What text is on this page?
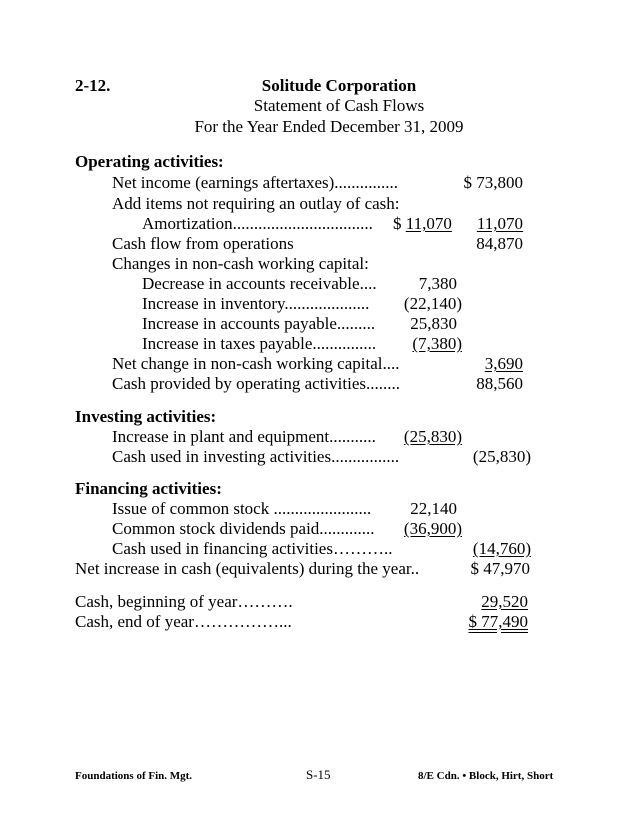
2-12.	Solitude Corporation
Statement of Cash Flows
For the Year Ended December 31, 2009
Operating activities:
Net income (earnings aftertaxes)...............	$ 73,800
Add items not requiring an outlay of cash:
Amortization................................. $ 11,070	11,070
Cash flow from operations	84,870
Changes in non-cash working capital:
Decrease in accounts receivable....	7,380
Increase in inventory....................	(22,140)
Increase in accounts payable.........	25,830
Increase in taxes payable...............	(7,380)
Net change in non-cash working capital....	3,690
Cash provided by operating activities........	88,560
Investing activities:
Increase in plant and equipment...........	(25,830)
Cash used in investing activities................	(25,830)
Financing activities:
Issue of common stock .......................	22,140
Common stock dividends paid.............	(36,900)
Cash used in financing activities………..	(14,760)
Net increase in cash (equivalents) during the year..	$ 47,970
Cash, beginning of year……….	29,520
Cash, end of year……………...	$ 77,490
Foundations of Fin. Mgt.	S-15	8/E Cdn. • Block, Hirt, Short
